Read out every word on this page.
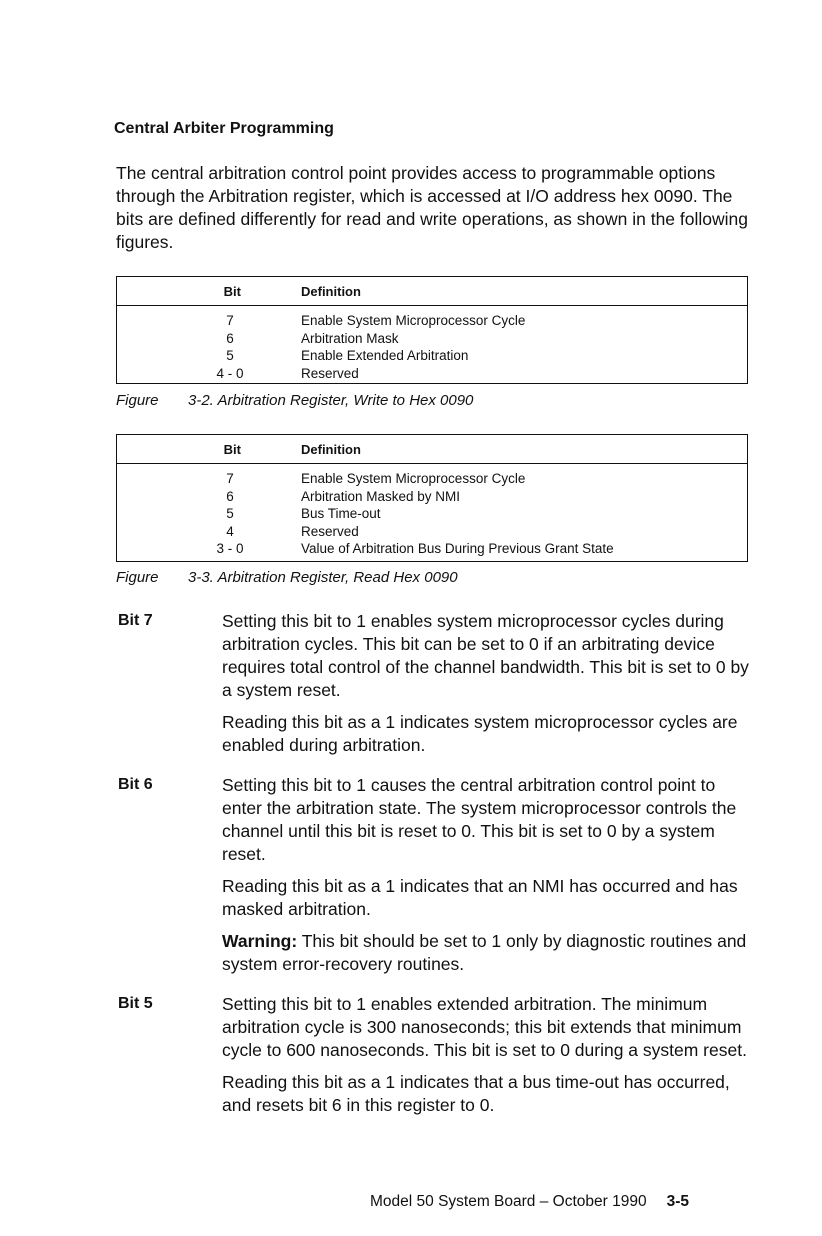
Central Arbiter Programming

The central arbitration control point provides access to programmable options through the Arbitration register, which is accessed at I/O address hex 0090. The bits are defined differently for read and write operations, as shown in the following figures.

Bit	Definition
7	Enable System Microprocessor Cycle
6	Arbitration Mask
5	Enable Extended Arbitration
4 - 0	Reserved

Figure 3-2. Arbitration Register, Write to Hex 0090

Bit	Definition
7	Enable System Microprocessor Cycle
6	Arbitration Masked by NMI
5	Bus Time-out
4	Reserved
3 - 0	Value of Arbitration Bus During Previous Grant State

Figure 3-3. Arbitration Register, Read Hex 0090

Bit 7	Setting this bit to 1 enables system microprocessor cycles during arbitration cycles. This bit can be set to 0 if an arbitrating device requires total control of the channel bandwidth. This bit is set to 0 by a system reset.

Reading this bit as a 1 indicates system microprocessor cycles are enabled during arbitration.

Bit 6	Setting this bit to 1 causes the central arbitration control point to enter the arbitration state. The system microprocessor controls the channel until this bit is reset to 0. This bit is set to 0 by a system reset.

Reading this bit as a 1 indicates that an NMI has occurred and has masked arbitration.

Warning: This bit should be set to 1 only by diagnostic routines and system error-recovery routines.

Bit 5	Setting this bit to 1 enables extended arbitration. The minimum arbitration cycle is 300 nanoseconds; this bit extends that minimum cycle to 600 nanoseconds. This bit is set to 0 during a system reset.

Reading this bit as a 1 indicates that a bus time-out has occurred, and resets bit 6 in this register to 0.

Model 50 System Board – October 1990 3-5
